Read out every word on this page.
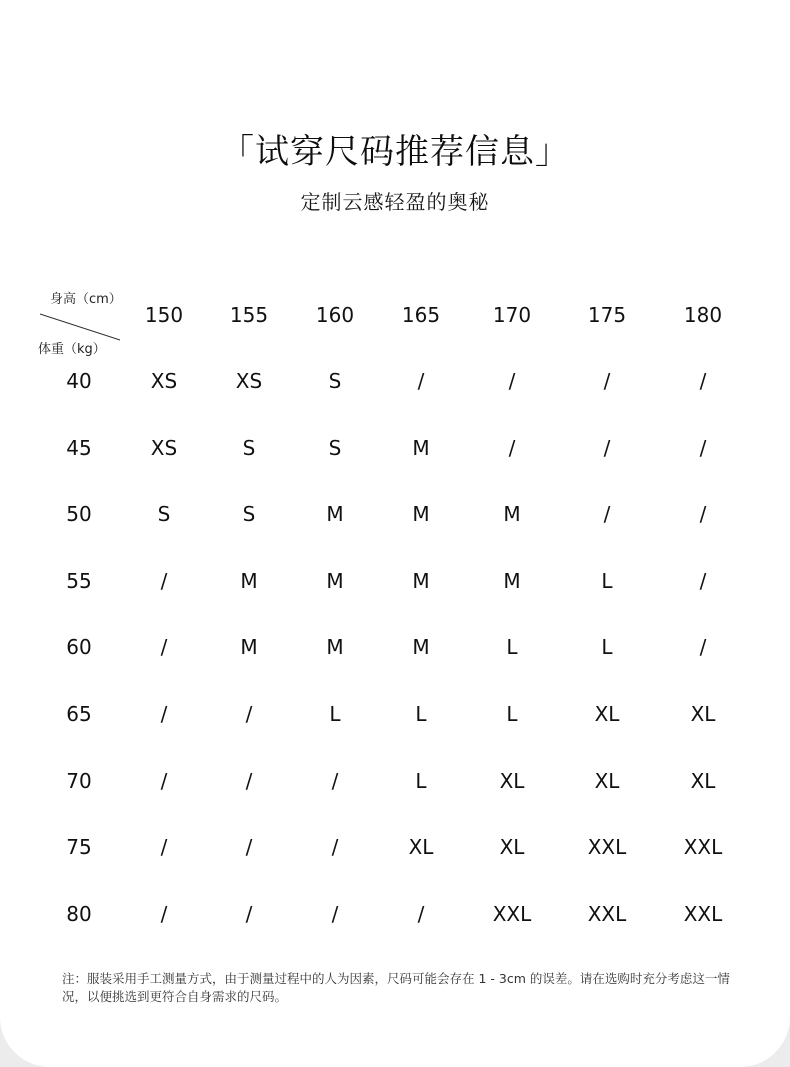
「试穿尺码推荐信息」
定制云感轻盈的奥秘
身高（cm）
体重（kg）
150 155 160 165	170	175	180
40	XS	XS	S	/	/	/	/
45	XS	S	S	M	/	/	/
50	S	S	M	M	M	/	/
55	/	M	M	M	M	L	/
60	/	M	M	M	L	L	/
65	/	/	L	L	L	XL	XL
70	/	/	/	L	XL	XL	XL
75	/	/	/	XL	XL	XXL	XXL
80	/	/	/	/	XXL	XXL	XXL
注：服装采用手工测量方式，由于测量过程中的人为因素，尺码可能会存在 1 - 3cm 的误差。请在选购时充分考虑这一情况，以便挑选到更符合自身需求的尺码。
